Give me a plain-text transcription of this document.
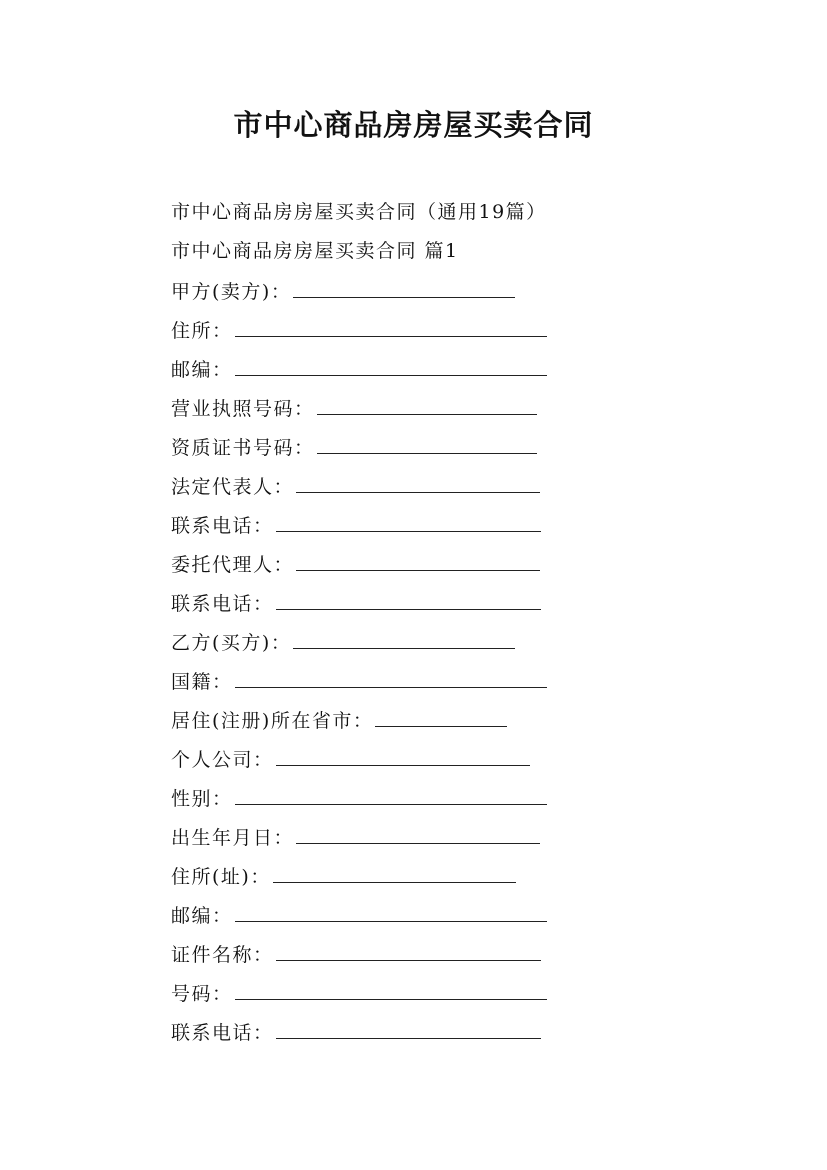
市中心商品房房屋买卖合同
市中心商品房房屋买卖合同（通用19篇）
市中心商品房房屋买卖合同 篇1
甲方(卖方)：
住所：
邮编：
营业执照号码：
资质证书号码：
法定代表人：
联系电话：
委托代理人：
联系电话：
乙方(买方)：
国籍：
居住(注册)所在省市：
个人公司：
性别：
出生年月日：
住所(址)：
邮编：
证件名称：
号码：
联系电话：
